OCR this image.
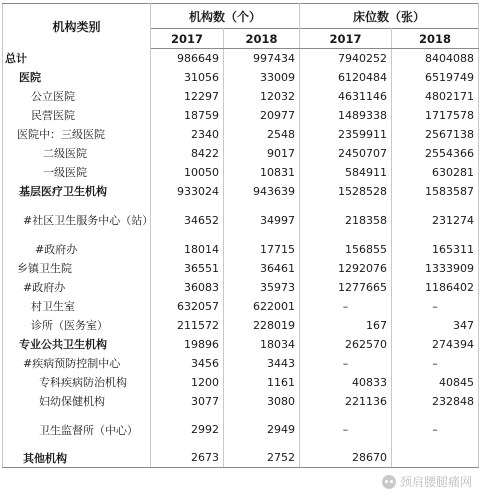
机构类别	机构数（个）		床位数（张）	
	2017	2018	2017	2018
总计	986649	997434	7940252	8404088
医院	31056	33009	6120484	6519749
公立医院	12297	12032	4631146	4802171
民营医院	18759	20977	1489338	1717578
医院中：三级医院	2340	2548	2359911	2567138
二级医院	8422	9017	2450707	2554366
一级医院	10050	10831	584911	630281
基层医疗卫生机构	933024	943639	1528528	1583587
#社区卫生服务中心（站）	34652	34997	218358	231274
#政府办	18014	17715	156855	165311
乡镇卫生院	36551	36461	1292076	1333909
#政府办	36083	35973	1277665	1186402
村卫生室	632057	622001	–	–
诊所（医务室）	211572	228019	167	347
专业公共卫生机构	19896	18034	262570	274394
#疾病预防控制中心	3456	3443	–	–
专科疾病防治机构	1200	1161	40833	40845
妇幼保健机构	3077	3080	221136	232848
卫生监督所（中心）	2992	2949	–	–
其他机构	2673	2752	28670	
颈肩腰腿痛网
